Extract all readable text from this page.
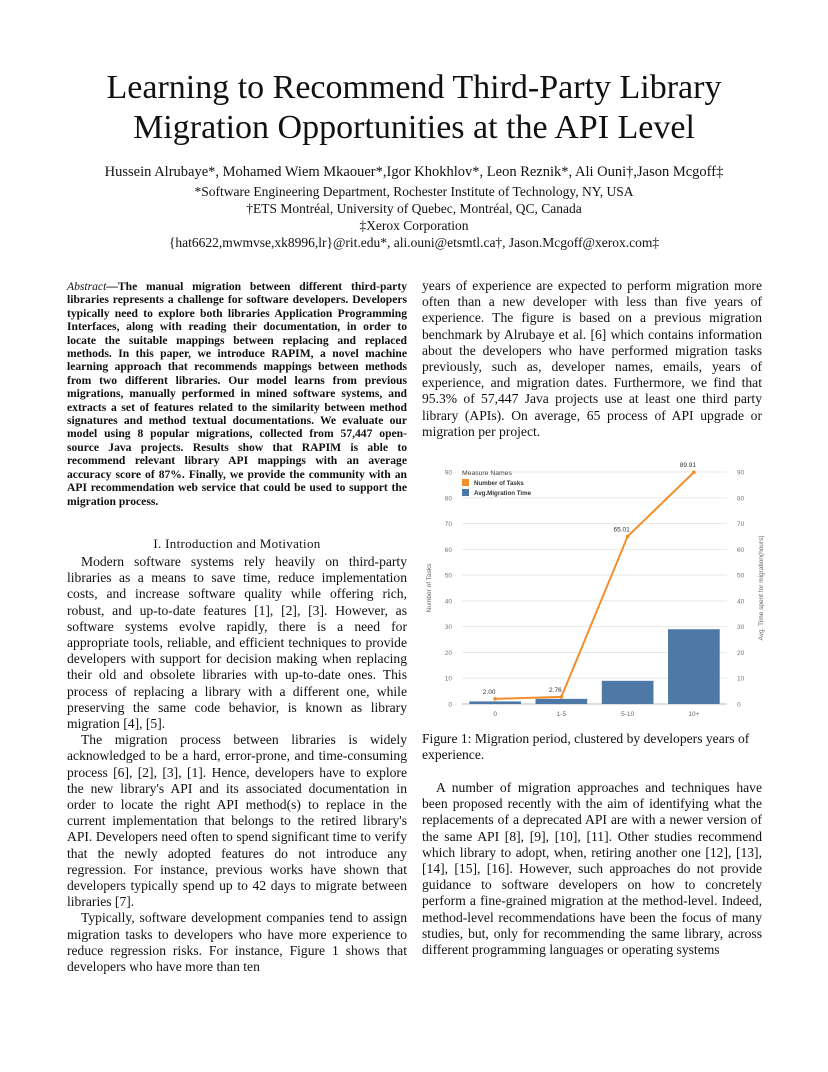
Learning to Recommend Third-Party Library
Migration Opportunities at the API Level
Hussein Alrubaye*, Mohamed Wiem Mkaouer*,Igor Khokhlov*, Leon Reznik*, Ali Ouni†,Jason Mcgoff‡
*Software Engineering Department, Rochester Institute of Technology, NY, USA
†ETS Montréal, University of Quebec, Montréal, QC, Canada
‡Xerox Corporation
{hat6622,mwmvse,xk8996,lr}@rit.edu*, ali.ouni@etsmtl.ca†, Jason.Mcgoff@xerox.com‡
Abstract—The manual migration between different third-party libraries represents a challenge for software developers. Developers typically need to explore both libraries Application Programming Interfaces, along with reading their documentation, in order to locate the suitable mappings between replacing and replaced methods. In this paper, we introduce RAPIM, a novel machine learning approach that recommends mappings between methods from two different libraries. Our model learns from previous migrations, manually performed in mined software systems, and extracts a set of features related to the similarity between method signatures and method textual documentations. We evaluate our model using 8 popular migrations, collected from 57,447 open-source Java projects. Results show that RAPIM is able to recommend relevant library API mappings with an average accuracy score of 87%. Finally, we provide the community with an API recommendation web service that could be used to support the migration process.
I. Introduction and Motivation

Modern software systems rely heavily on third-party libraries as a means to save time, reduce implementation costs, and increase software quality while offering rich, robust, and up-to-date features [1], [2], [3]. However, as software systems evolve rapidly, there is a need for appropriate tools, reliable, and efficient techniques to provide developers with support for decision making when replacing their old and obsolete libraries with up-to-date ones. This process of replacing a library with a different one, while preserving the same code behavior, is known as library migration [4], [5].

The migration process between libraries is widely acknowledged to be a hard, error-prone, and time-consuming process [6], [2], [3], [1]. Hence, developers have to explore the new library's API and its associated documentation in order to locate the right API method(s) to replace in the current implementation that belongs to the retired library's API. Developers need often to spend significant time to verify that the newly adopted features do not introduce any regression. For instance, previous works have shown that developers typically spend up to 42 days to migrate between libraries [7].

Typically, software development companies tend to assign migration tasks to developers who have more experience to reduce regression risks. For instance, Figure 1 shows that developers who have more than ten

years of experience are expected to perform migration more often than a new developer with less than five years of experience. The figure is based on a previous migration benchmark by Alrubaye et al. [6] which contains information about the developers who have performed migration tasks previously, such as, developer names, emails, years of experience, and migration dates. Furthermore, we find that 95.3% of 57,447 Java projects use at least one third party library (APIs). On average, 65 process of API upgrade or migration per project.

0	0
10	10
20	20
30	30
40	40
50	50
60	60
70	70
80	80
90	90
2.00	2.76
65.01
89.91
0	1-5	5-10	10+
Number of Tasks	Avg. Time spent for migration(hours)
Measure Names
Number of Tasks
Avg.Migration Time
Figure 1: Migration period, clustered by developers years of experience.

A number of migration approaches and techniques have been proposed recently with the aim of identifying what the replacements of a deprecated API are with a newer version of the same API [8], [9], [10], [11]. Other studies recommend which library to adopt, when, retiring another one [12], [13], [14], [15], [16]. However, such approaches do not provide guidance to software developers on how to concretely perform a fine-grained migration at the method-level. Indeed, method-level recommendations have been the focus of many studies, but, only for recommending the same library, across different programming languages or operating systems
